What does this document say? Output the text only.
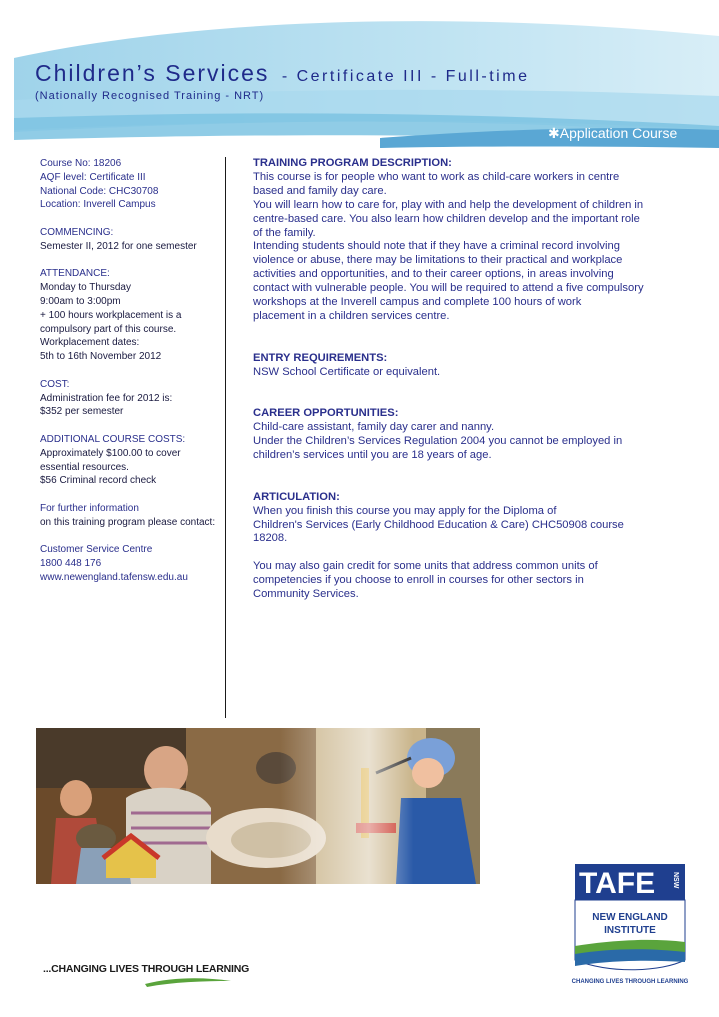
Children’s Services - Certificate III - Full-time
(Nationally Recognised Training - NRT)
✱Application Course
Course No: 18206
AQF level: Certificate III
National Code: CHC30708
Location: Inverell Campus
COMMENCING:
Semester II, 2012 for one semester
ATTENDANCE:
Monday to Thursday
9:00am to 3:00pm
+ 100 hours workplacement is a
compulsory part of this course.
Workplacement dates:
5th to 16th November 2012
COST:
Administration fee for 2012 is:
$352 per semester
ADDITIONAL COURSE COSTS:
Approximately $100.00 to cover
essential resources.
$56 Criminal record check
For further information
on this training program please contact:
Customer Service Centre
1800 448 176
www.newengland.tafensw.edu.au
TRAINING PROGRAM DESCRIPTION:

This course is for people who want to work as child-care workers in centre

based and family day care.

You will learn how to care for, play with and help the development of children in

centre-based care. You also learn how children develop and the important role

of the family.

Intending students should note that if they have a criminal record involving

violence or abuse, there may be limitations to their practical and workplace

activities and opportunities, and to their career options, in areas involving

contact with vulnerable people. You will be required to attend a five compulsory

workshops at the Inverell campus and complete 100 hours of work

placement in a children services centre.

ENTRY REQUIREMENTS:

NSW School Certificate or equivalent.

CAREER OPPORTUNITIES:

Child-care assistant, family day carer and nanny.

Under the Children’s Services Regulation 2004 you cannot be employed in

children’s services until you are 18 years of age.

ARTICULATION:

When you finish this course you may apply for the Diploma of

Children's Services (Early Childhood Education & Care) CHC50908 course

18208.

You may also gain credit for some units that address common units of

competencies if you choose to enroll in courses for other sectors in

Community Services.

...CHANGING LIVES THROUGH LEARNING
TAFE NSW
NEW ENGLAND
INSTITUTE
CHANGING LIVES THROUGH LEARNING
